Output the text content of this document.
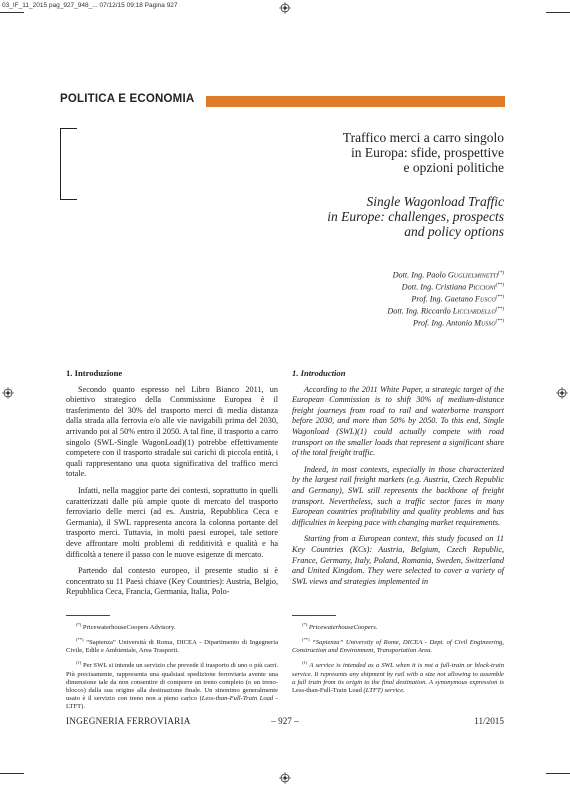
03_IF_11_2015 pag_927_948_... 07/12/15 09:18 Pagina 927
POLITICA E ECONOMIA
Traffico merci a carro singolo
in Europa: sfide, prospettive
e opzioni politiche
Single Wagonload Traffic
in Europe: challenges, prospects
and policy options
Dott. Ing. Paolo Guglielminetti(*)
Dott. Ing. Cristiana Piccioni(**)
Prof. Ing. Gaetano Fusco(**)
Dott. Ing. Riccardo Licciardello(**)
Prof. Ing. Antonio Musso(**)
1. Introduzione

Secondo quanto espresso nel Libro Bianco 2011, un obiettivo strategico della Commissione Europea è il trasferimento del 30% del trasporto merci di media distanza dalla strada alla ferrovia e/o alle vie navigabili prima del 2030, arrivando poi al 50% entro il 2050. A tal fine, il trasporto a carro singolo (SWL-Single WagonLoad)(1) potrebbe effettivamente competere con il trasporto stradale sui carichi di piccola entità, i quali rappresentano una quota significativa del traffico merci totale.

Infatti, nella maggior parte dei contesti, soprattutto in quelli caratterizzati dalle più ampie quote di mercato del trasporto ferroviario delle merci (ad es. Austria, Repubblica Ceca e Germania), il SWL rappresenta ancora la colonna portante del trasporto merci. Tuttavia, in molti paesi europei, tale settore deve affrontare molti problemi di redditività e qualità e ha difficoltà a tenere il passo con le nuove esigenze di mercato.

Partendo dal contesto europeo, il presente studio si è concentrato su 11 Paesi chiave (Key Countries): Austria, Belgio, Repubblica Ceca, Francia, Germania, Italia, Polo-

1. Introduction

According to the 2011 White Paper, a strategic target of the European Commission is to shift 30% of medium-distance freight journeys from road to rail and waterborne transport before 2030, and more than 50% by 2050. To this end, Single Wagonload (SWL)(1) could actually compete with road transport on the smaller loads that represent a significant share of the total freight traffic.

Indeed, in most contexts, especially in those characterized by the largest rail freight markets (e.g. Austria, Czech Republic and Germany), SWL still represents the backbone of freight transport. Nevertheless, such a traffic sector faces in many European countries profitability and quality problems and has difficulties in keeping pace with changing market requirements.

Starting from a European context, this study focused on 11 Key Countries (KCs): Austria, Belgium, Czech Republic, France, Germany, Italy, Poland, Romania, Sweden, Switzerland and United Kingdom. They were selected to cover a variety of SWL views and strategies implemented in

(*) PricewaterhouseCoopers Advisory.

(**) “Sapienza” Università di Roma, DICEA - Dipartimento di Ingegneria Civile, Edile e Ambientale, Area Trasporti.

$^{(1)}$ Per SWL si intende un servizio che prevede il trasporto di uno o più carri. Più precisamente, rappresenta una qualsiasi spedizione ferroviaria avente una dimensione tale da non consentire di comporre un treno completo (o un treno-blocco) dalla sua origine alla destinazione finale. Un sinonimo generalmente usato è il servizio con treno non a pieno carico (Less-than-Full-Train Load - LTFT).

(*) PricewaterhouseCoopers.

(**) “Sapienza” University of Rome, DICEA - Dept. of Civil Engineering, Construction and Environment, Transportation Area.

$^{(1)}$ A service is intended as a SWL when it is not a full-train or block-train service. It represents any shipment by rail with a size not allowing to assemble a full train from its origin to the final destination. A synonymous expression is Less-than-Full-Train Load (LTFT) service.

INGEGNERIA FERROVIARIA	– 927 –	11/2015
